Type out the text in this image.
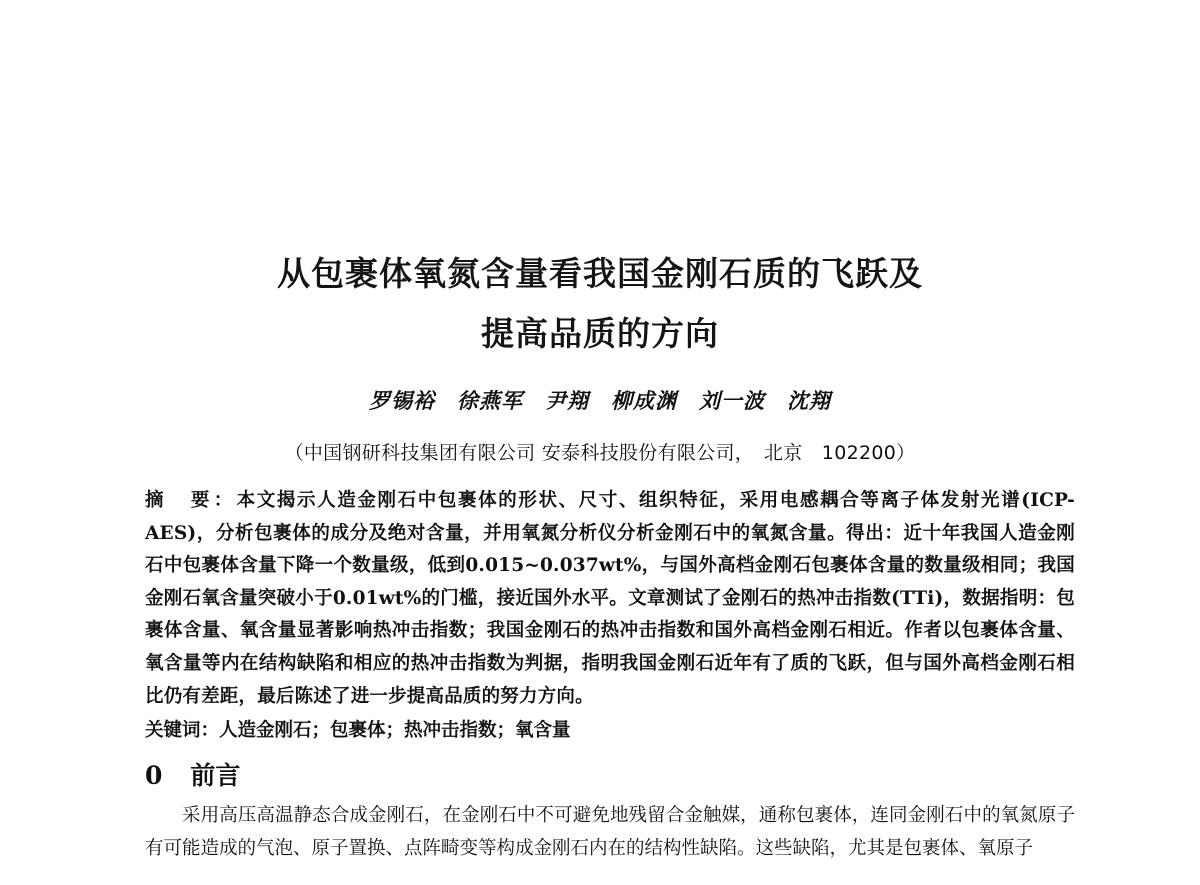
从包裹体氧氮含量看我国金刚石质的飞跃及
提高品质的方向
罗锡裕　徐燕军　尹翔　柳成渊　刘一波　沈翔
（中国钢研科技集团有限公司 安泰科技股份有限公司，　北京　102200）
摘　要：本文揭示人造金刚石中包裹体的形状、尺寸、组织特征，采用电感耦合等离子体发射光谱(ICP-AES)，分析包裹体的成分及绝对含量，并用氧氮分析仪分析金刚石中的氧氮含量。得出：近十年我国人造金刚石中包裹体含量下降一个数量级，低到0.015~0.037wt%，与国外高档金刚石包裹体含量的数量级相同；我国金刚石氧含量突破小于0.01wt%的门槛，接近国外水平。文章测试了金刚石的热冲击指数(TTi)，数据指明：包裹体含量、氧含量显著影响热冲击指数；我国金刚石的热冲击指数和国外高档金刚石相近。作者以包裹体含量、氧含量等内在结构缺陷和相应的热冲击指数为判据，指明我国金刚石近年有了质的飞跃，但与国外高档金刚石相比仍有差距，最后陈述了进一步提高品质的努力方向。
关键词：人造金刚石；包裹体；热冲击指数；氧含量
0 前言

采用高压高温静态合成金刚石，在金刚石中不可避免地残留合金触媒，通称包裹体，连同金刚石中的氧氮原子有可能造成的气泡、原子置换、点阵畸变等构成金刚石内在的结构性缺陷。这些缺陷，尤其是包裹体、氧原子
